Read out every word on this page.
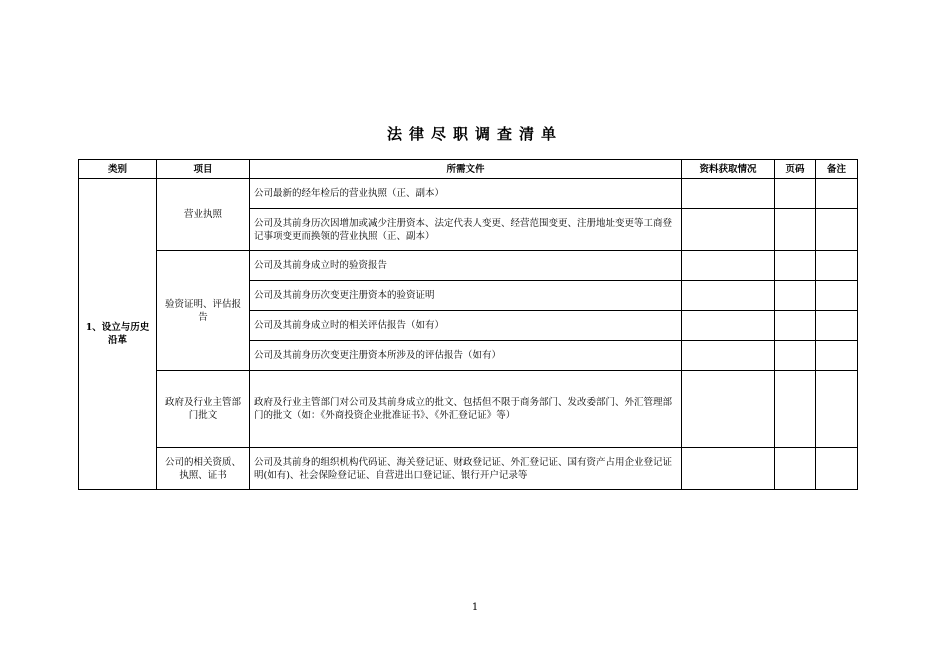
法律尽职调查清单
类别	项目	所需文件	资料获取情况	页码	备注
1、设立与历史沿革	营业执照	公司最新的经年检后的营业执照（正、副本）			
		公司及其前身历次因增加或减少注册资本、法定代表人变更、经营范围变更、注册地址变更等工商登记事项变更而换领的营业执照（正、副本）			
	验资证明、评估报告	公司及其前身成立时的验资报告			
		公司及其前身历次变更注册资本的验资证明			
		公司及其前身成立时的相关评估报告（如有）			
		公司及其前身历次变更注册资本所涉及的评估报告（如有）			
	政府及行业主管部门批文	政府及行业主管部门对公司及其前身成立的批文、包括但不限于商务部门、发改委部门、外汇管理部门的批文（如：《外商投资企业批准证书》、《外汇登记证》等）			
	公司的相关资质、执照、证书	公司及其前身的组织机构代码证、海关登记证、财政登记证、外汇登记证、国有资产占用企业登记证明(如有)、社会保险登记证、自营进出口登记证、银行开户记录等			
1
